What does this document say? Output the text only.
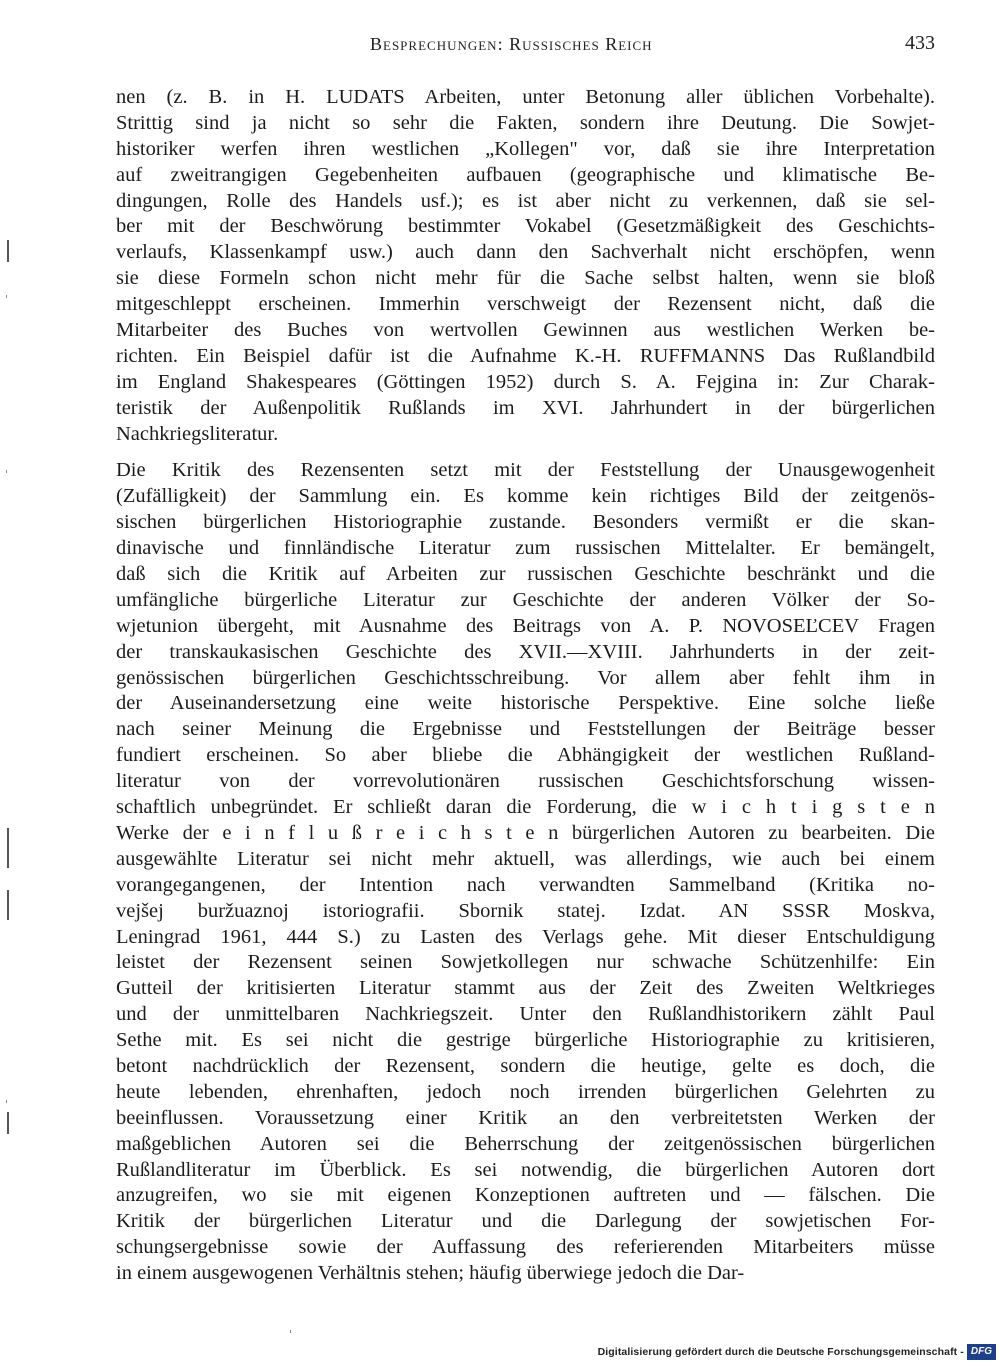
Besprechungen: Russisches Reich	433
nen (z. B. in H. LUDATS Arbeiten, unter Betonung aller üblichen Vorbehalte).
Strittig sind ja nicht so sehr die Fakten, sondern ihre Deutung. Die Sowjet-
historiker werfen ihren westlichen „Kollegen" vor, daß sie ihre Interpretation
auf zweitrangigen Gegebenheiten aufbauen (geographische und klimatische Be-
dingungen, Rolle des Handels usf.); es ist aber nicht zu verkennen, daß sie sel-
ber mit der Beschwörung bestimmter Vokabel (Gesetzmäßigkeit des Geschichts-
verlaufs, Klassenkampf usw.) auch dann den Sachverhalt nicht erschöpfen, wenn
sie diese Formeln schon nicht mehr für die Sache selbst halten, wenn sie bloß
mitgeschleppt erscheinen. Immerhin verschweigt der Rezensent nicht, daß die
Mitarbeiter des Buches von wertvollen Gewinnen aus westlichen Werken be-
richten. Ein Beispiel dafür ist die Aufnahme K.-H. RUFFMANNS Das Rußlandbild
im England Shakespeares (Göttingen 1952) durch S. A. Fejgina in: Zur Charak-
teristik der Außenpolitik Rußlands im XVI. Jahrhundert in der bürgerlichen
Nachkriegsliteratur.
Die Kritik des Rezensenten setzt mit der Feststellung der Unausgewogenheit
(Zufälligkeit) der Sammlung ein. Es komme kein richtiges Bild der zeitgenös-
sischen bürgerlichen Historiographie zustande. Besonders vermißt er die skan-
dinavische und finnländische Literatur zum russischen Mittelalter. Er bemängelt,
daß sich die Kritik auf Arbeiten zur russischen Geschichte beschränkt und die
umfängliche bürgerliche Literatur zur Geschichte der anderen Völker der So-
wjetunion übergeht, mit Ausnahme des Beitrags von A. P. NOVOSEĽCEV Fragen
der transkaukasischen Geschichte des XVII.—XVIII. Jahrhunderts in der zeit-
genössischen bürgerlichen Geschichtsschreibung. Vor allem aber fehlt ihm in
der Auseinandersetzung eine weite historische Perspektive. Eine solche ließe
nach seiner Meinung die Ergebnisse und Feststellungen der Beiträge besser
fundiert erscheinen. So aber bliebe die Abhängigkeit der westlichen Rußland-
literatur von der vorrevolutionären russischen Geschichtsforschung wissen-
schaftlich unbegründet. Er schließt daran die Forderung, die w i c h t i g s t e n
Werke der e i n f l u ß r e i c h s t e n bürgerlichen Autoren zu bearbeiten. Die
ausgewählte Literatur sei nicht mehr aktuell, was allerdings, wie auch bei einem
vorangegangenen, der Intention nach verwandten Sammelband (Kritika no-
vejšej buržuaznoj istoriografii. Sbornik statej. Izdat. AN SSSR Moskva,
Leningrad 1961, 444 S.) zu Lasten des Verlags gehe. Mit dieser Entschuldigung
leistet der Rezensent seinen Sowjetkollegen nur schwache Schützenhilfe: Ein
Gutteil der kritisierten Literatur stammt aus der Zeit des Zweiten Weltkrieges
und der unmittelbaren Nachkriegszeit. Unter den Rußlandhistorikern zählt Paul
Sethe mit. Es sei nicht die gestrige bürgerliche Historiographie zu kritisieren,
betont nachdrücklich der Rezensent, sondern die heutige, gelte es doch, die
heute lebenden, ehrenhaften, jedoch noch irrenden bürgerlichen Gelehrten zu
beeinflussen. Voraussetzung einer Kritik an den verbreitetsten Werken der
maßgeblichen Autoren sei die Beherrschung der zeitgenössischen bürgerlichen
Rußlandliteratur im Überblick. Es sei notwendig, die bürgerlichen Autoren dort
anzugreifen, wo sie mit eigenen Konzeptionen auftreten und — fälschen. Die
Kritik der bürgerlichen Literatur und die Darlegung der sowjetischen For-
schungsergebnisse sowie der Auffassung des referierenden Mitarbeiters müsse
in einem ausgewogenen Verhältnis stehen; häufig überwiege jedoch die Dar-
Digitalisierung gefördert durch die Deutsche Forschungsgemeinschaft - DFG
